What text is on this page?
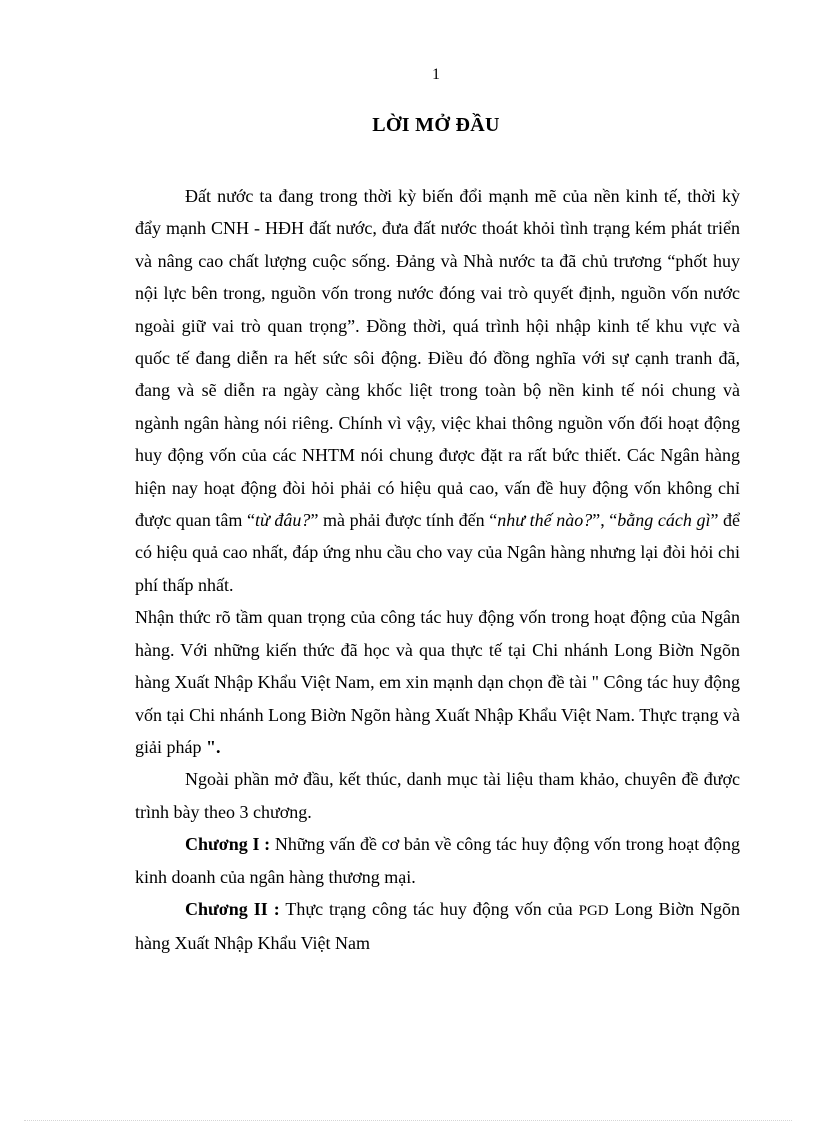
1
LỜI MỞ ĐẦU

Đất nước ta đang trong thời kỳ biến đổi mạnh mẽ của nền kinh tế, thời kỳ đẩy mạnh CNH - HĐH đất nước, đưa đất nước thoát khỏi tình trạng kém phát triển và nâng cao chất lượng cuộc sống. Đảng và Nhà nước ta đã chủ trương “phốt huy nội lực bên trong, nguồn vốn trong nước đóng vai trò quyết định, nguồn vốn nước ngoài giữ vai trò quan trọng”. Đồng thời, quá trình hội nhập kinh tế khu vực và quốc tế đang diễn ra hết sức sôi động. Điều đó đồng nghĩa với sự cạnh tranh đã, đang và sẽ diễn ra ngày càng khốc liệt trong toàn bộ nền kinh tế nói chung và ngành ngân hàng nói riêng. Chính vì vậy, việc khai thông nguồn vốn đối hoạt động huy động vốn của các NHTM nói chung được đặt ra rất bức thiết. Các Ngân hàng hiện nay hoạt động đòi hỏi phải có hiệu quả cao, vấn đề huy động vốn không chỉ được quan tâm “từ đâu?” mà phải được tính đến “như thế nào?”, “bằng cách gì” để có hiệu quả cao nhất, đáp ứng nhu cầu cho vay của Ngân hàng nhưng lại đòi hỏi chi phí thấp nhất.

Nhận thức rõ tầm quan trọng của công tác huy động vốn trong hoạt động của Ngân hàng. Với những kiến thức đã học và qua thực tế tại Chi nhánh Long Biờn Ngõn hàng Xuất Nhập Khẩu Việt Nam, em xin mạnh dạn chọn đề tài " Công tác huy động vốn tại Chi nhánh Long Biờn Ngõn hàng Xuất Nhập Khẩu Việt Nam. Thực trạng và giải pháp ".

Ngoài phần mở đầu, kết thúc, danh mục tài liệu tham khảo, chuyên đề được trình bày theo 3 chương.

Chương I : Những vấn đề cơ bản về công tác huy động vốn trong hoạt động kinh doanh của ngân hàng thương mại.

Chương II : Thực trạng công tác huy động vốn của PGD Long Biờn Ngõn hàng Xuất Nhập Khẩu Việt Nam
